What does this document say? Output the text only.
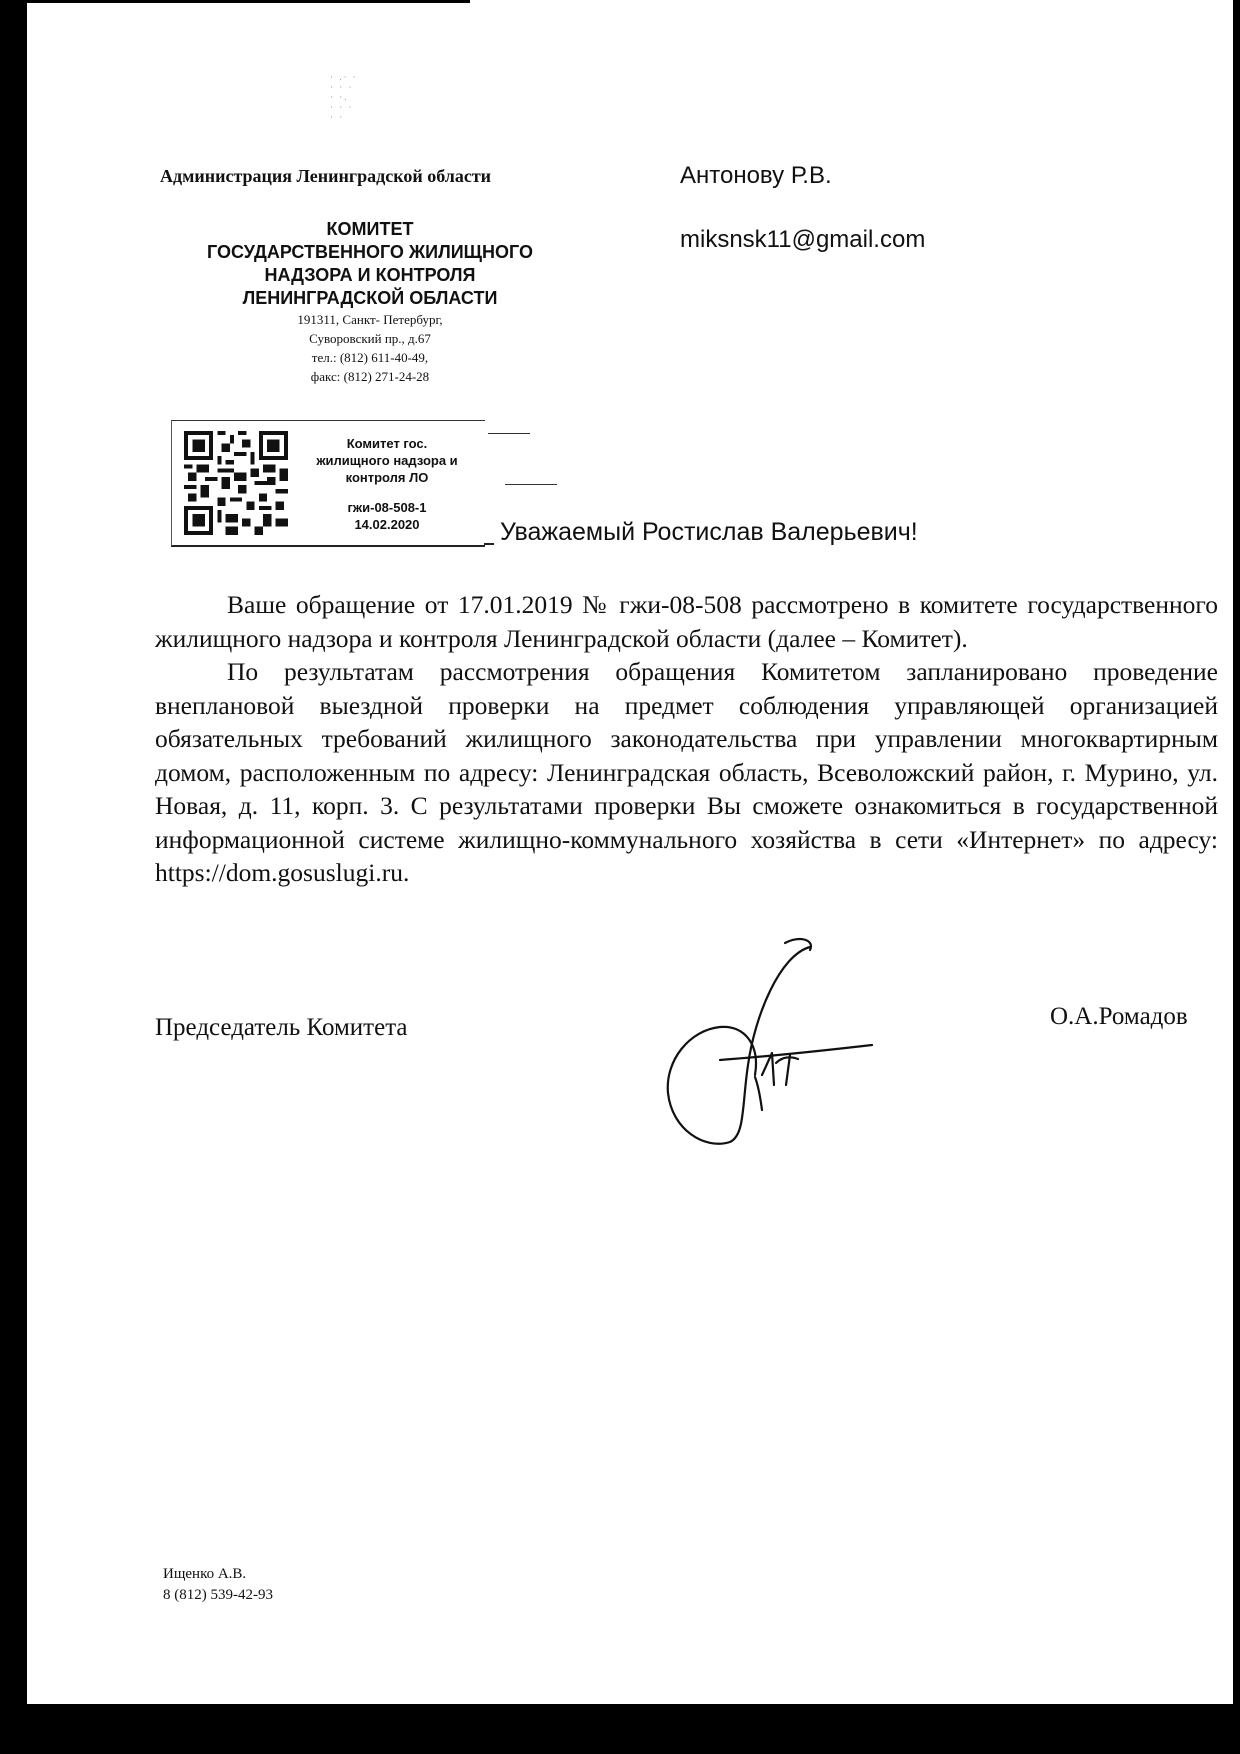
· .· ·
· · ·
· ·.
· · ·
· ·
Администрация Ленинградской области
КОМИТЕТ
ГОСУДАРСТВЕННОГО ЖИЛИЩНОГО
НАДЗОРА И КОНТРОЛЯ
ЛЕНИНГРАДСКОЙ ОБЛАСТИ
191311, Санкт- Петербург,
Суворовский пр., д.67
тел.: (812) 611-40-49,
факс: (812) 271-24-28
Антонову Р.В.
miksnsk11@gmail.com
Комитет гос.
жилищного надзора и
контроля ЛО
гжи-08-508-1
14.02.2020	Уважаемый Ростислав Валерьевич!

Ваше обращение от 17.01.2019 № гжи-08-508 рассмотрено в комитете государственного жилищного надзора и контроля Ленинградской области (далее – Комитет).

По результатам рассмотрения обращения Комитетом запланировано проведение внеплановой выездной проверки на предмет соблюдения управляющей организацией обязательных требований жилищного законодательства при управлении многоквартирным домом, расположенным по адресу: Ленинградская область, Всеволожский район, г. Мурино, ул. Новая, д. 11, корп. 3. С результатами проверки Вы сможете ознакомиться в государственной информационной системе жилищно-коммунального хозяйства в сети «Интернет» по адресу: https://dom.gosuslugi.ru.

Председатель Комитета	О.А.Ромадов
Ищенко А.В.
8 (812) 539-42-93
